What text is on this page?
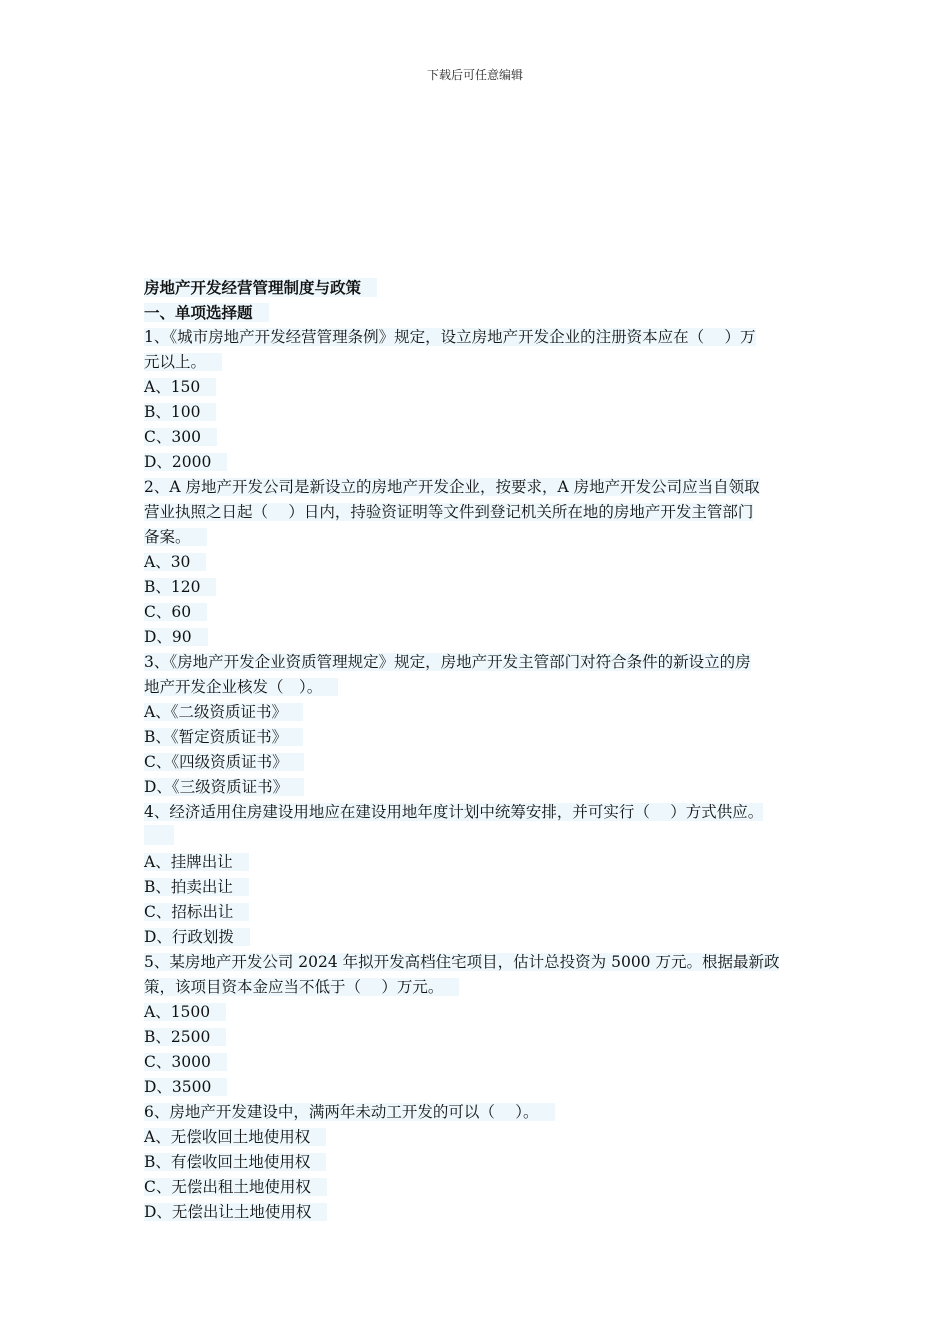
下载后可任意编辑
房地产开发经营管理制度与政策
一、单项选择题
1、《城市房地产开发经营管理条例》规定，设立房地产开发企业的注册资本应在（　 ）万
元以上。
A、150
B、100
C、300
D、2000
2、A 房地产开发公司是新设立的房地产开发企业，按要求，A 房地产开发公司应当自领取
营业执照之日起（　 ）日内，持验资证明等文件到登记机关所在地的房地产开发主管部门
备案。
A、30
B、120
C、60
D、90
3、《房地产开发企业资质管理规定》规定，房地产开发主管部门对符合条件的新设立的房
地产开发企业核发（　）。
A、《二级资质证书》
B、《暂定资质证书》
C、《四级资质证书》
D、《三级资质证书》
4、经济适用住房建设用地应在建设用地年度计划中统筹安排，并可实行（　 ）方式供应。
A、挂牌出让
B、拍卖出让
C、招标出让
D、行政划拨
5、某房地产开发公司 2024 年拟开发高档住宅项目，估计总投资为 5000 万元。根据最新政
策，该项目资本金应当不低于（　 ）万元。
A、1500
B、2500
C、3000
D、3500
6、房地产开发建设中，满两年未动工开发的可以（　 ）。
A、无偿收回土地使用权
B、有偿收回土地使用权
C、无偿出租土地使用权
D、无偿出让土地使用权
